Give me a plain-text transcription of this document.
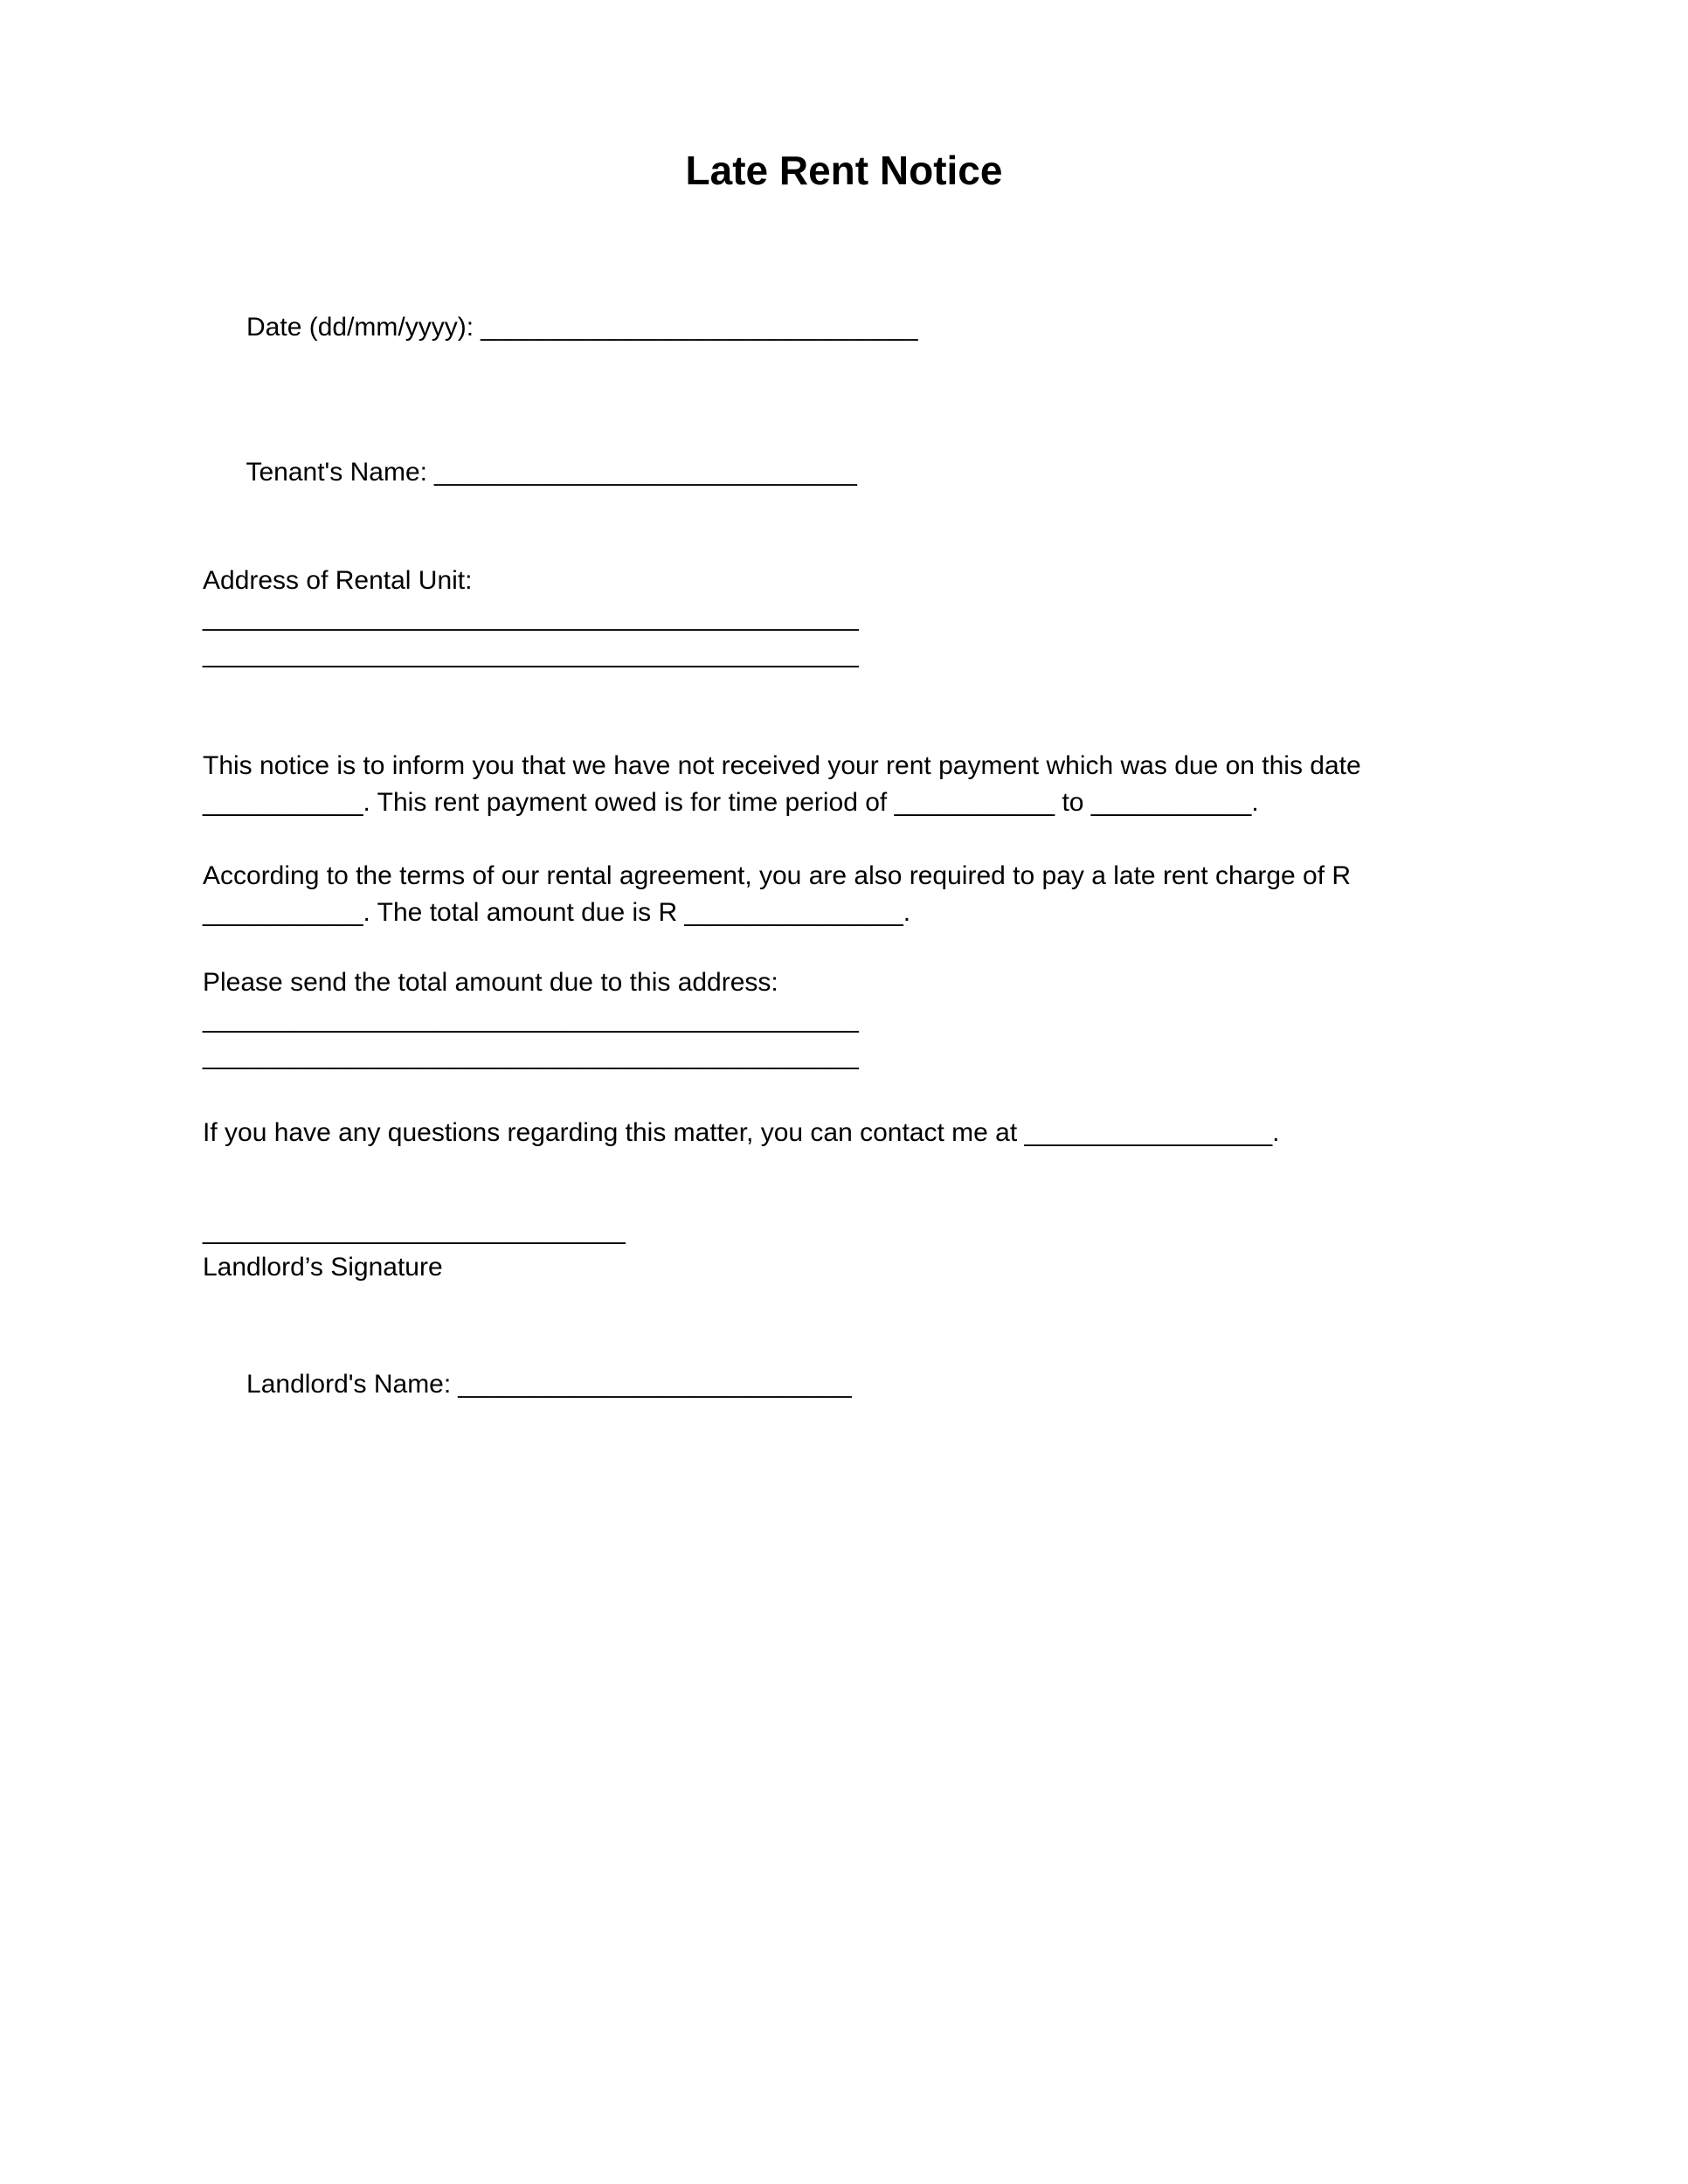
Late Rent Notice

Date (dd/mm/yyyy): ______________________________

Tenant's Name: _____________________________

Address of Rental Unit:
_____________________________________________
_____________________________________________
This notice is to inform you that we have not received your rent payment which was due on this date
___________. This rent payment owed is for time period of ___________ to ___________.
According to the terms of our rental agreement, you are also required to pay a late rent charge of R
___________. The total amount due is R _______________.
Please send the total amount due to this address:
_____________________________________________
_____________________________________________
If you have any questions regarding this matter, you can contact me at _________________.
_____________________________
Landlord’s Signature

Landlord's Name: ___________________________
